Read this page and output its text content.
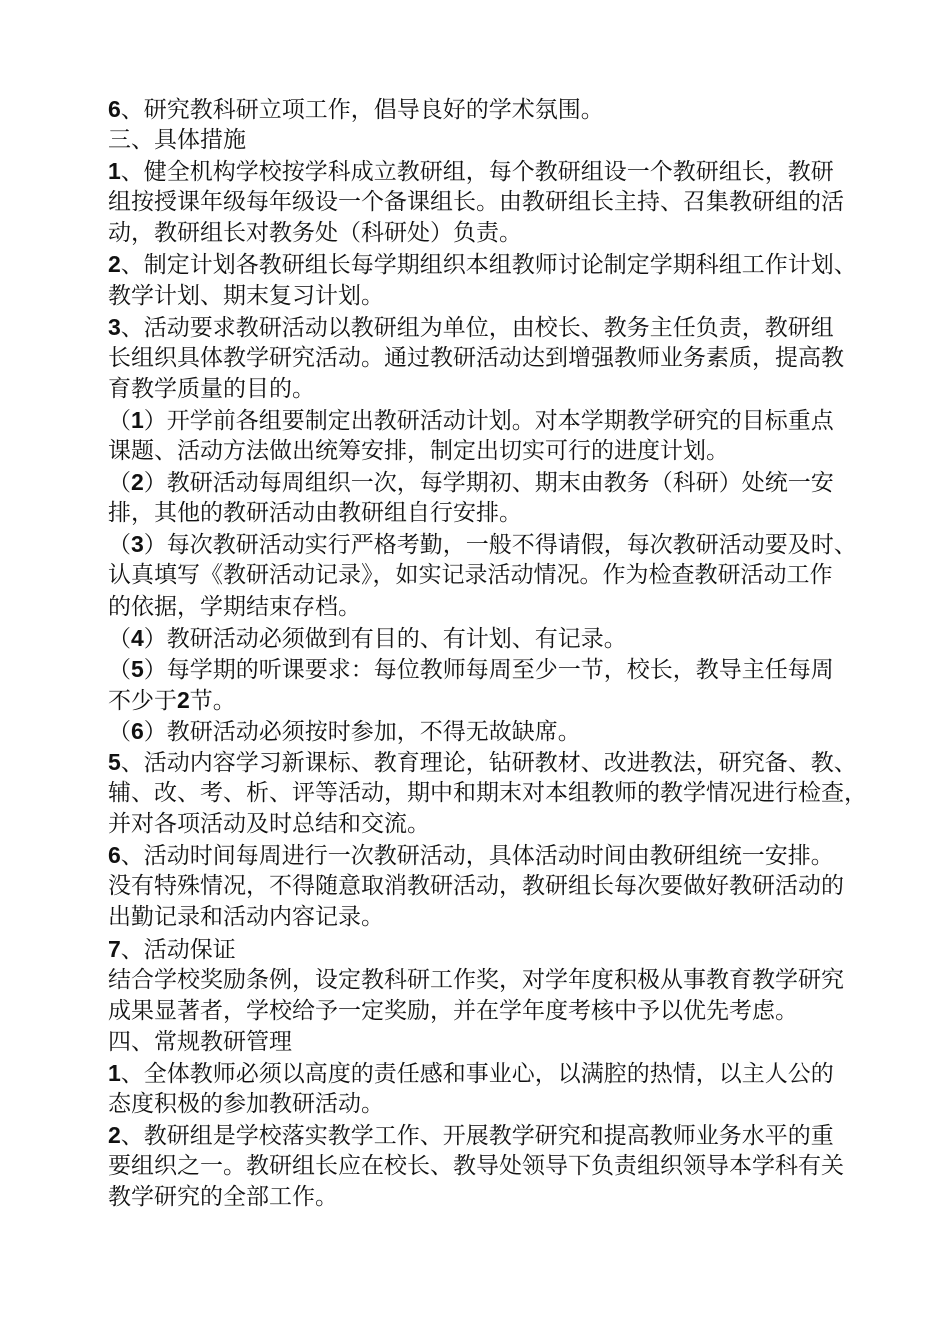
6、研究教科研立项工作，倡导良好的学术氛围。
三、具体措施
1、健全机构学校按学科成立教研组，每个教研组设一个教研组长，教研
组按授课年级每年级设一个备课组长。由教研组长主持、召集教研组的活
动，教研组长对教务处（科研处）负责。
2、制定计划各教研组长每学期组织本组教师讨论制定学期科组工作计划、
教学计划、期末复习计划。
3、活动要求教研活动以教研组为单位，由校长、教务主任负责，教研组
长组织具体教学研究活动。通过教研活动达到增强教师业务素质，提高教
育教学质量的目的。
（1）开学前各组要制定出教研活动计划。对本学期教学研究的目标重点
课题、活动方法做出统筹安排，制定出切实可行的进度计划。
（2）教研活动每周组织一次，每学期初、期末由教务（科研）处统一安
排，其他的教研活动由教研组自行安排。
（3）每次教研活动实行严格考勤，一般不得请假，每次教研活动要及时、
认真填写《教研活动记录》，如实记录活动情况。作为检查教研活动工作
的依据，学期结束存档。
（4）教研活动必须做到有目的、有计划、有记录。
（5）每学期的听课要求：每位教师每周至少一节，校长，教导主任每周
不少于2节。
（6）教研活动必须按时参加，不得无故缺席。
5、活动内容学习新课标、教育理论，钻研教材、改进教法，研究备、教、
辅、改、考、析、评等活动，期中和期末对本组教师的教学情况进行检查，
并对各项活动及时总结和交流。
6、活动时间每周进行一次教研活动，具体活动时间由教研组统一安排。
没有特殊情况，不得随意取消教研活动，教研组长每次要做好教研活动的
出勤记录和活动内容记录。
7、活动保证
结合学校奖励条例，设定教科研工作奖，对学年度积极从事教育教学研究
成果显著者，学校给予一定奖励，并在学年度考核中予以优先考虑。
四、常规教研管理
1、全体教师必须以高度的责任感和事业心，以满腔的热情，以主人公的
态度积极的参加教研活动。
2、教研组是学校落实教学工作、开展教学研究和提高教师业务水平的重
要组织之一。教研组长应在校长、教导处领导下负责组织领导本学科有关
教学研究的全部工作。
